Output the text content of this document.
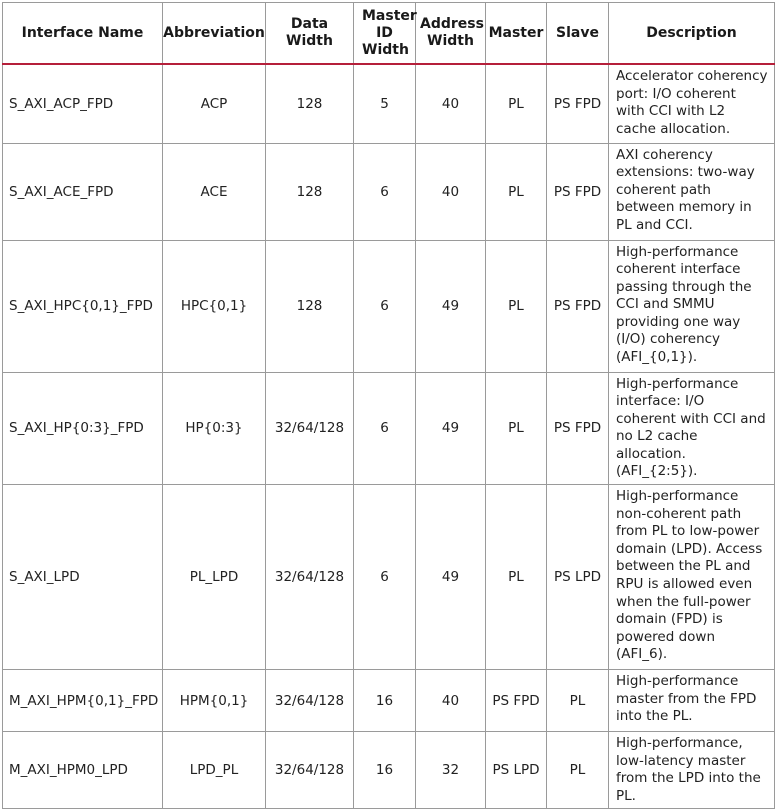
Interface Name	Abbreviation	Data Width	Master ID Width	Address Width	Master	Slave	Description
S_AXI_ACP_FPD	ACP	128	5	40	PL	PS FPD	Accelerator coherency port: I/O coherent with CCI with L2 cache allocation.
S_AXI_ACE_FPD	ACE	128	6	40	PL	PS FPD	AXI coherency extensions: two-way coherent path between memory in PL and CCI.
S_AXI_HPC{0,1}_FPD	HPC{0,1}	128	6	49	PL	PS FPD	High-performance coherent interface passing through the CCI and SMMU providing one way (I/O) coherency (AFI_{0,1}).
S_AXI_HP{0:3}_FPD	HP{0:3}	32/64/128	6	49	PL	PS FPD	High-performance interface: I/O coherent with CCI and no L2 cache allocation. (AFI_{2:5}).
S_AXI_LPD	PL_LPD	32/64/128	6	49	PL	PS LPD	High-performance non-coherent path from PL to low-power domain (LPD). Access between the PL and RPU is allowed even when the full-power domain (FPD) is powered down (AFI_6).
M_AXI_HPM{0,1}_FPD	HPM{0,1}	32/64/128	16	40	PS FPD	PL	High-performance master from the FPD into the PL.
M_AXI_HPM0_LPD	LPD_PL	32/64/128	16	32	PS LPD	PL	High-performance, low-latency master from the LPD into the PL.
